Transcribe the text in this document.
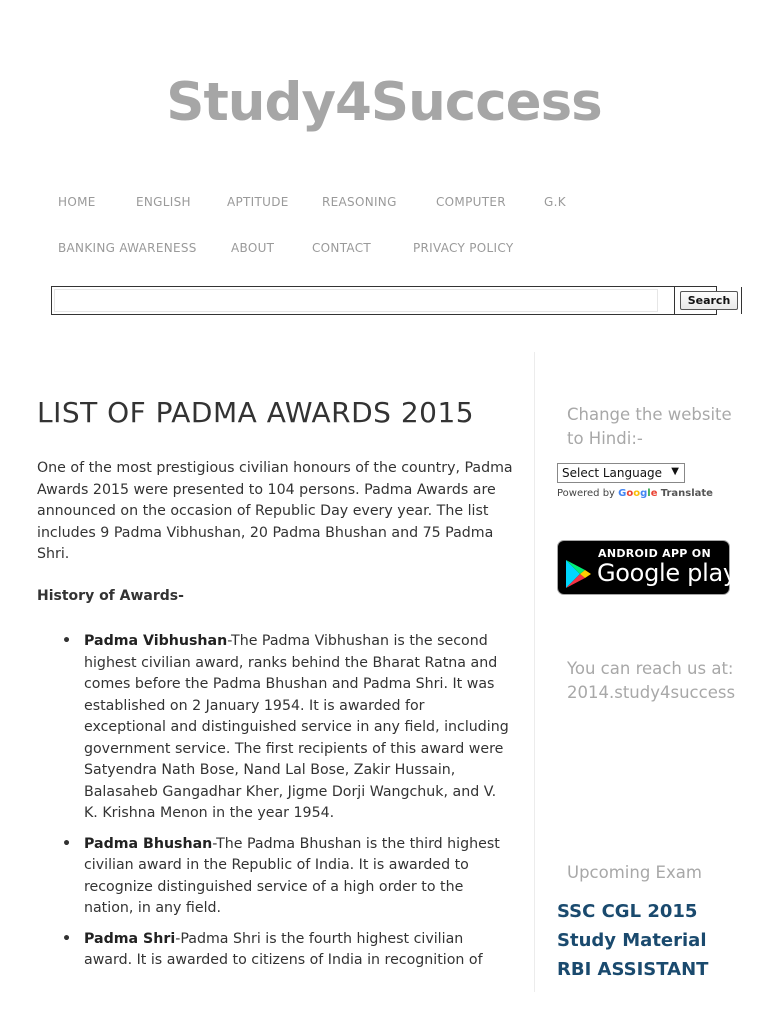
Study4Success
HOME	ENGLISH	APTITUDE	REASONING	COMPUTER	G.K
BANKING AWARENESS	ABOUT	CONTACT	PRIVACY POLICY
Search
LIST OF PADMA AWARDS 2015

One of the most prestigious civilian honours of the country, Padma Awards 2015 were presented to 104 persons. Padma Awards are announced on the occasion of Republic Day every year. The list includes 9 Padma Vibhushan, 20 Padma Bhushan and 75 Padma Shri.

History of Awards-
• Padma Vibhushan-The Padma Vibhushan is the second highest civilian award, ranks behind the Bharat Ratna and comes before the Padma Bhushan and Padma Shri. It was established on 2 January 1954. It is awarded for exceptional and distinguished service in any field, including government service. The first recipients of this award were Satyendra Nath Bose, Nand Lal Bose, Zakir Hussain, Balasaheb Gangadhar Kher, Jigme Dorji Wangchuk, and V. K. Krishna Menon in the year 1954.
• Padma Bhushan-The Padma Bhushan is the third highest civilian award in the Republic of India. It is awarded to recognize distinguished service of a high order to the nation, in any field.
• Padma Shri-Padma Shri is the fourth highest civilian award. It is awarded to citizens of India in recognition of
Change the website to Hindi:-
Select Language ▼
Powered by Google Translate
ANDROID APP ON
Google play
You can reach us at: 2014.study4success
Upcoming Exam
SSC CGL 2015
Study Material
RBI ASSISTANT
